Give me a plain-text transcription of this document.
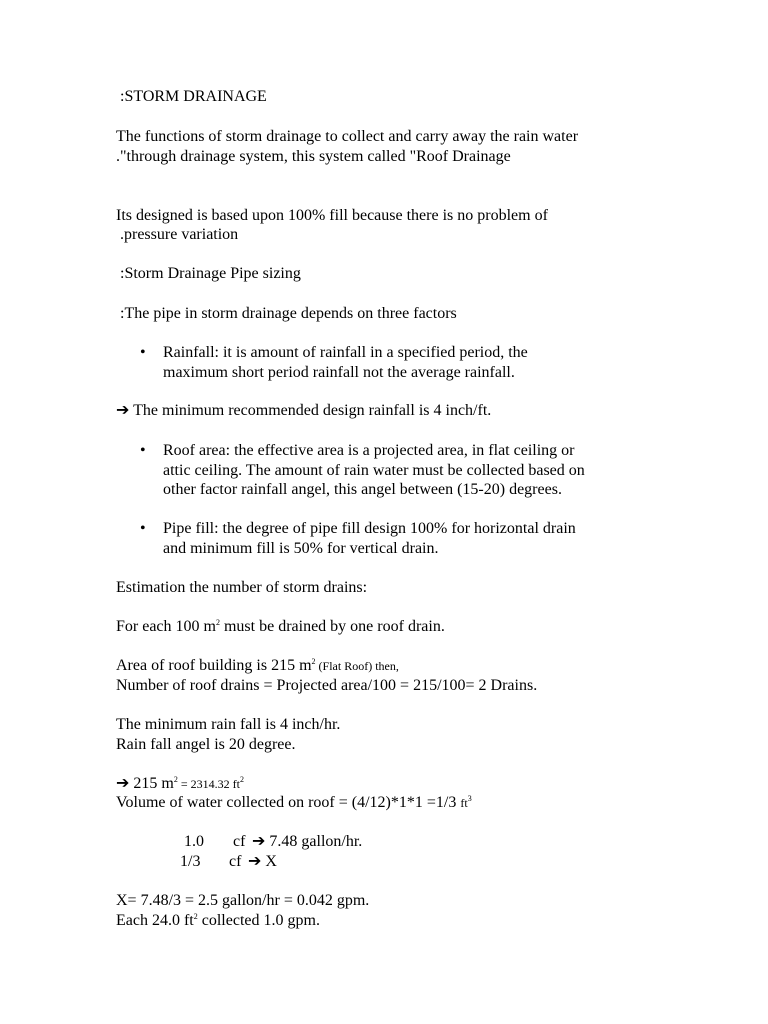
:STORM DRAINAGE

The functions of storm drainage to collect and carry away the rain water

."through drainage system, this system called "Roof Drainage

Its designed is based upon 100% fill because there is no problem of

.pressure variation

:Storm Drainage Pipe sizing

:The pipe in storm drainage depends on three factors

• Rainfall: it is amount of rainfall in a specified period, the

maximum short period rainfall not the average rainfall.

➔ The minimum recommended design rainfall is 4 inch/ft.

• Roof area: the effective area is a projected area, in flat ceiling or

attic ceiling. The amount of rain water must be collected based on

other factor rainfall angel, this angel between (15-20) degrees.

• Pipe fill: the degree of pipe fill design 100% for horizontal drain

and minimum fill is 50% for vertical drain.

Estimation the number of storm drains:

For each 100 $m^2$ must be drained by one roof drain.

Area of roof building is 215 $m^2$ (Flat Roof) then,

Number of roof drains = Projected area/100 = 215/100= 2 Drains.

The minimum rain fall is 4 inch/hr.

Rain fall angel is 20 degree.

➔ 215 $m^2 = 2314.32$ $ft^2$

Volume of water collected on roof = (4/12)*1*1 =1/3 $ft^3$

1.0 cf ➔ 7.48 gallon/hr.

1/3 cf ➔ X

X= 7.48/3 = 2.5 gallon/hr = 0.042 gpm.

Each 24.0 $ft^2$ collected 1.0 gpm.
